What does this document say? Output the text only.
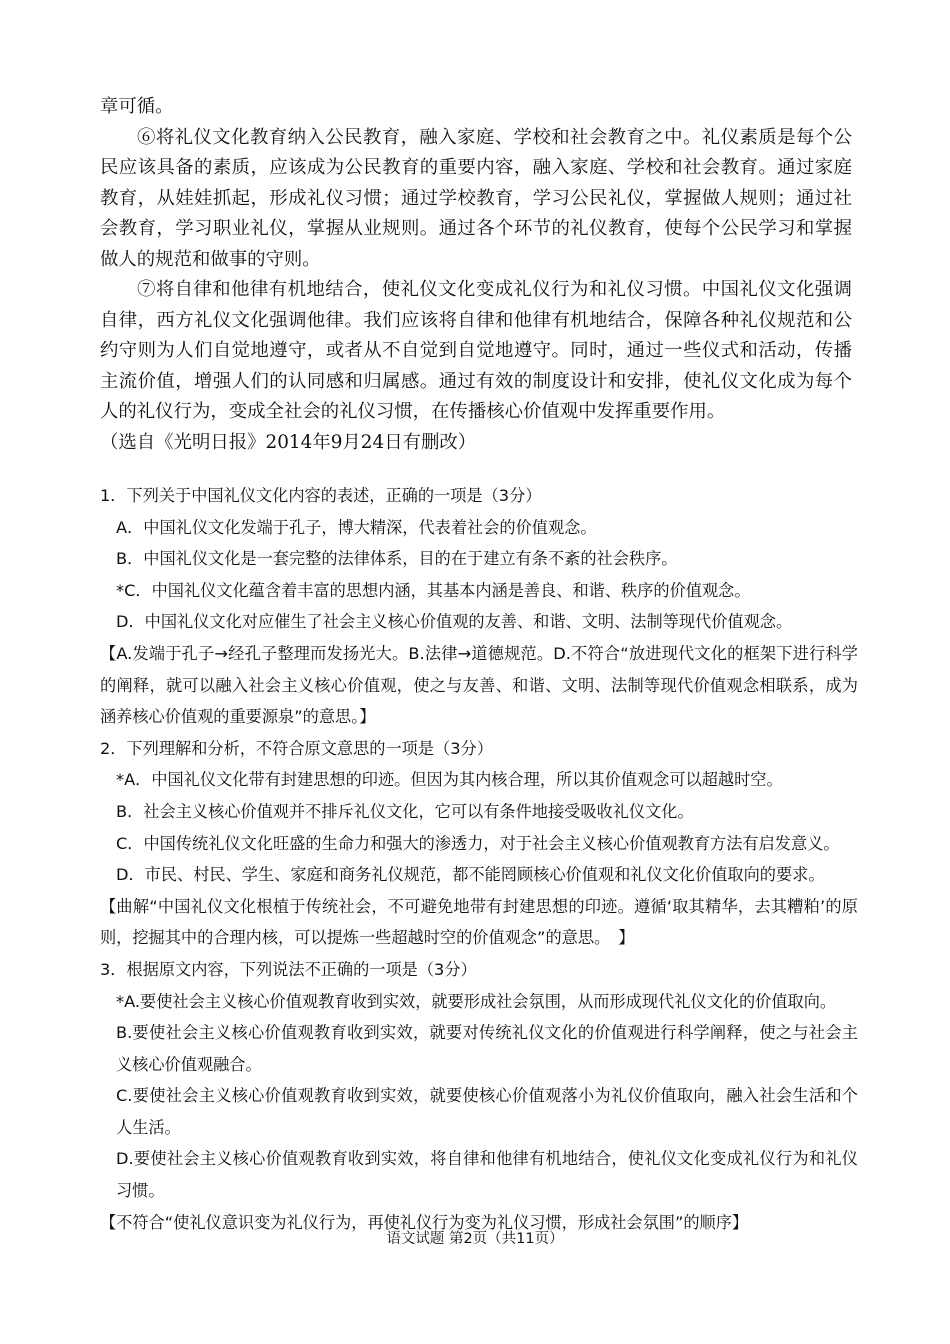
章可循。

⑥将礼仪文化教育纳入公民教育，融入家庭、学校和社会教育之中。礼仪素质是每个公民应该具备的素质，应该成为公民教育的重要内容，融入家庭、学校和社会教育。通过家庭教育，从娃娃抓起，形成礼仪习惯；通过学校教育，学习公民礼仪，掌握做人规则；通过社会教育，学习职业礼仪，掌握从业规则。通过各个环节的礼仪教育，使每个公民学习和掌握做人的规范和做事的守则。

⑦将自律和他律有机地结合，使礼仪文化变成礼仪行为和礼仪习惯。中国礼仪文化强调自律，西方礼仪文化强调他律。我们应该将自律和他律有机地结合，保障各种礼仪规范和公约守则为人们自觉地遵守，或者从不自觉到自觉地遵守。同时，通过一些仪式和活动，传播主流价值，增强人们的认同感和归属感。通过有效的制度设计和安排，使礼仪文化成为每个人的礼仪行为，变成全社会的礼仪习惯，在传播核心价值观中发挥重要作用。

（选自《光明日报》2014年9月24日有删改）

1．下列关于中国礼仪文化内容的表述，正确的一项是（3分）

A．中国礼仪文化发端于孔子，博大精深，代表着社会的价值观念。

B．中国礼仪文化是一套完整的法律体系，目的在于建立有条不紊的社会秩序。

*C．中国礼仪文化蕴含着丰富的思想内涵，其基本内涵是善良、和谐、秩序的价值观念。

D．中国礼仪文化对应催生了社会主义核心价值观的友善、和谐、文明、法制等现代价值观念。

【A.发端于孔子→经孔子整理而发扬光大。B.法律→道德规范。D.不符合“放进现代文化的框架下进行科学的阐释，就可以融入社会主义核心价值观，使之与友善、和谐、文明、法制等现代价值观念相联系，成为涵养核心价值观的重要源泉”的意思。】

2．下列理解和分析，不符合原文意思的一项是（3分）

*A．中国礼仪文化带有封建思想的印迹。但因为其内核合理，所以其价值观念可以超越时空。

B．社会主义核心价值观并不排斥礼仪文化，它可以有条件地接受吸收礼仪文化。

C．中国传统礼仪文化旺盛的生命力和强大的渗透力，对于社会主义核心价值观教育方法有启发意义。

D．市民、村民、学生、家庭和商务礼仪规范，都不能罔顾核心价值观和礼仪文化价值取向的要求。

【曲解“中国礼仪文化根植于传统社会，不可避免地带有封建思想的印迹。遵循‘取其精华，去其糟粕’的原则，挖掘其中的合理内核，可以提炼一些超越时空的价值观念”的意思。　】

3．根据原文内容，下列说法不正确的一项是（3分）

*A.要使社会主义核心价值观教育收到实效，就要形成社会氛围，从而形成现代礼仪文化的价值取向。

B.要使社会主义核心价值观教育收到实效，就要对传统礼仪文化的价值观进行科学阐释，使之与社会主义核心价值观融合。

C.要使社会主义核心价值观教育收到实效，就要使核心价值观落小为礼仪价值取向，融入社会生活和个人生活。

D.要使社会主义核心价值观教育收到实效，将自律和他律有机地结合，使礼仪文化变成礼仪行为和礼仪习惯。

【不符合“使礼仪意识变为礼仪行为，再使礼仪行为变为礼仪习惯，形成社会氛围”的顺序】

语文试题 第2页（共11页）
